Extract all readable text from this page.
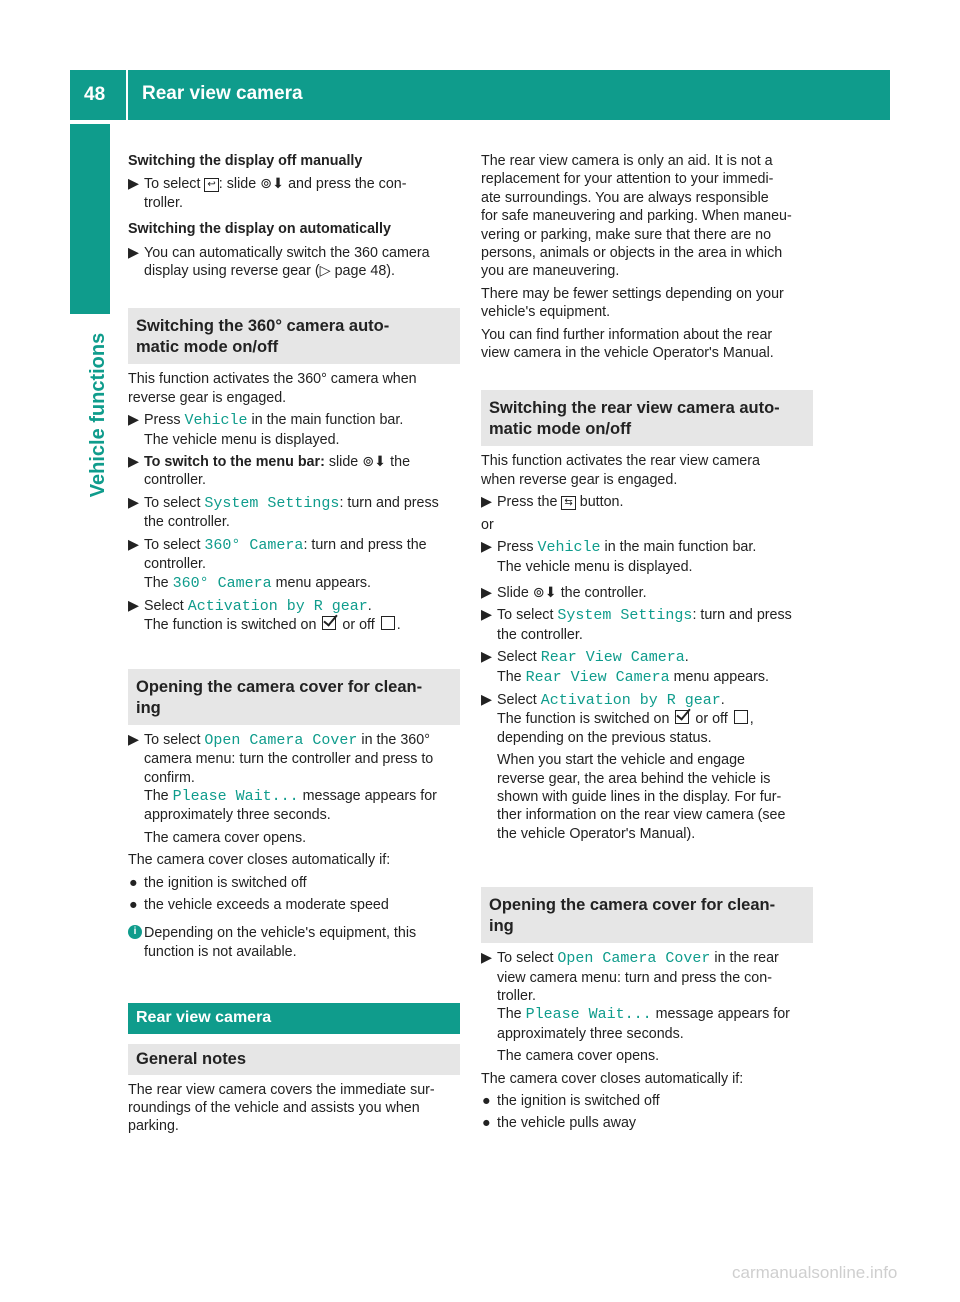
48 Rear view camera
Vehicle functions

Switching the display off manually

▶ To select ↩ : slide ⊚⬇ and press the con-
troller.

Switching the display on automatically

▶ You can automatically switch the 360 camera
display using reverse gear (▷ page 48).
Switching the 360° camera auto-
matic mode on/off

This function activates the 360° camera when
reverse gear is engaged.

▶ Press Vehicle in the main function bar.
The vehicle menu is displayed.
▶ To switch to the menu bar: slide ⊚⬇ the
controller.
▶ To select System Settings: turn and press
the controller.
▶ To select 360° Camera: turn and press the
controller.
The 360° Camera menu appears.
▶ Select Activation by R gear.
The function is switched on  or off .
Opening the camera cover for clean-
ing
▶ To select Open Camera Cover in the 360°
camera menu: turn the controller and press to
confirm.
The Please Wait... message appears for
approximately three seconds.
The camera cover opens.

The camera cover closes automatically if:

● the ignition is switched off
● the vehicle exceeds a moderate speed
i Depending on the vehicle's equipment, this
function is not available.
Rear view camera
General notes

The rear view camera covers the immediate sur-
roundings of the vehicle and assists you when
parking.

The rear view camera is only an aid. It is not a
replacement for your attention to your immedi-
ate surroundings. You are always responsible
for safe maneuvering and parking. When maneu-
vering or parking, make sure that there are no
persons, animals or objects in the area in which
you are maneuvering.

There may be fewer settings depending on your
vehicle's equipment.

You can find further information about the rear
view camera in the vehicle Operator's Manual.

Switching the rear view camera auto-
matic mode on/off

This function activates the rear view camera
when reverse gear is engaged.

▶ Press the ⇆ button.

or

▶ Press Vehicle in the main function bar.
The vehicle menu is displayed.
▶ Slide ⊚⬇ the controller.
▶ To select System Settings: turn and press
the controller.
▶ Select Rear View Camera.
The Rear View Camera menu appears.
▶ Select Activation by R gear.
The function is switched on  or off ,
depending on the previous status.
When you start the vehicle and engage
reverse gear, the area behind the vehicle is
shown with guide lines in the display. For fur-
ther information on the rear view camera (see
the vehicle Operator's Manual).
Opening the camera cover for clean-
ing
▶ To select Open Camera Cover in the rear
view camera menu: turn and press the con-
troller.
The Please Wait... message appears for
approximately three seconds.
The camera cover opens.

The camera cover closes automatically if:

● the ignition is switched off
● the vehicle pulls away
carmanualsonline.info
